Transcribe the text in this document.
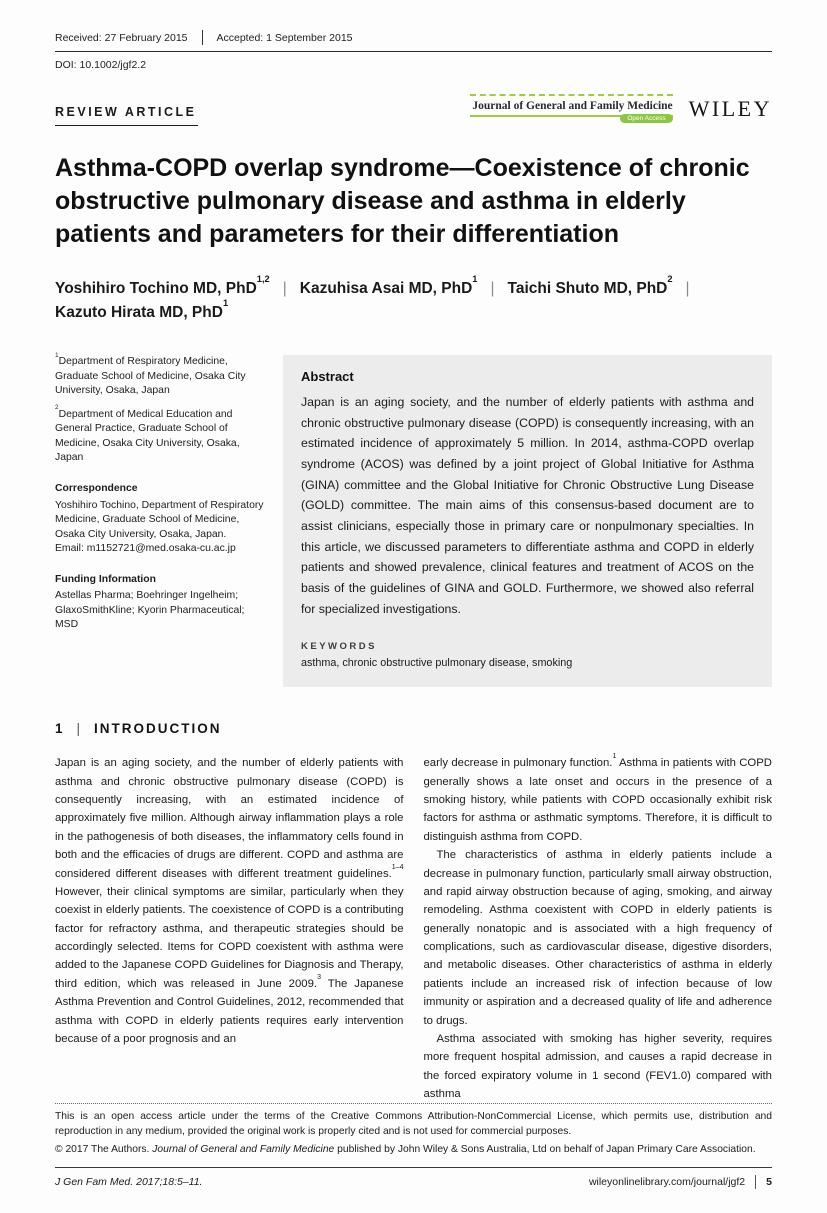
Received: 27 February 2015	Accepted: 1 September 2015
DOI: 10.1002/jgf2.2
REVIEW ARTICLE	Journal of General and Family Medicine
Open Access	WILEY
Asthma-COPD overlap syndrome—Coexistence of chronic obstructive pulmonary disease and asthma in elderly patients and parameters for their differentiation
Yoshihiro Tochino MD, PhD$^{1,2}$| Kazuhisa Asai MD, PhD$^1$| Taichi Shuto MD, PhD$^2$|
Kazuto Hirata MD, PhD$^1$
$^1$Department of Respiratory Medicine, Graduate School of Medicine, Osaka City University, Osaka, Japan
$^2$Department of Medical Education and General Practice, Graduate School of Medicine, Osaka City University, Osaka, Japan
Correspondence
Yoshihiro Tochino, Department of Respiratory Medicine, Graduate School of Medicine, Osaka City University, Osaka, Japan.
Email: m1152721@med.osaka-cu.ac.jp
Funding Information
Astellas Pharma; Boehringer Ingelheim; GlaxoSmithKline; Kyorin Pharmaceutical; MSD
Abstract

Japan is an aging society, and the number of elderly patients with asthma and chronic obstructive pulmonary disease (COPD) is consequently increasing, with an estimated incidence of approximately 5 million. In 2014, asthma-COPD overlap syndrome (ACOS) was defined by a joint project of Global Initiative for Asthma (GINA) committee and the Global Initiative for Chronic Obstructive Lung Disease (GOLD) committee. The main aims of this consensus-based document are to assist clinicians, especially those in primary care or nonpulmonary specialties. In this article, we discussed parameters to differentiate asthma and COPD in elderly patients and showed prevalence, clinical features and treatment of ACOS on the basis of the guidelines of GINA and GOLD. Furthermore, we showed also referral for specialized investigations.

KEYWORDS
asthma, chronic obstructive pulmonary disease, smoking
1 | INTRODUCTION

Japan is an aging society, and the number of elderly patients with asthma and chronic obstructive pulmonary disease (COPD) is consequently increasing, with an estimated incidence of approximately five million. Although airway inflammation plays a role in the pathogenesis of both diseases, the inflammatory cells found in both and the efficacies of drugs are different. COPD and asthma are considered different diseases with different treatment guidelines.$^{1-4}$ However, their clinical symptoms are similar, particularly when they coexist in elderly patients. The coexistence of COPD is a contributing factor for refractory asthma, and therapeutic strategies should be accordingly selected. Items for COPD coexistent with asthma were added to the Japanese COPD Guidelines for Diagnosis and Therapy, third edition, which was released in June 2009.$^3$ The Japanese Asthma Prevention and Control Guidelines, 2012, recommended that asthma with COPD in elderly patients requires early intervention because of a poor prognosis and an

early decrease in pulmonary function.$^1$ Asthma in patients with COPD generally shows a late onset and occurs in the presence of a smoking history, while patients with COPD occasionally exhibit risk factors for asthma or asthmatic symptoms. Therefore, it is difficult to distinguish asthma from COPD.

The characteristics of asthma in elderly patients include a decrease in pulmonary function, particularly small airway obstruction, and rapid airway obstruction because of aging, smoking, and airway remodeling. Asthma coexistent with COPD in elderly patients is generally nonatopic and is associated with a high frequency of complications, such as cardiovascular disease, digestive disorders, and metabolic diseases. Other characteristics of asthma in elderly patients include an increased risk of infection because of low immunity or aspiration and a decreased quality of life and adherence to drugs.

Asthma associated with smoking has higher severity, requires more frequent hospital admission, and causes a rapid decrease in the forced expiratory volume in 1 second (FEV1.0) compared with asthma

This is an open access article under the terms of the Creative Commons Attribution-NonCommercial License, which permits use, distribution and reproduction in any medium, provided the original work is properly cited and is not used for commercial purposes.
© 2017 The Authors. Journal of General and Family Medicine published by John Wiley & Sons Australia, Ltd on behalf of Japan Primary Care Association.
J Gen Fam Med. 2017;18:5–11.	wileyonlinelibrary.com/journal/jgf2 5
